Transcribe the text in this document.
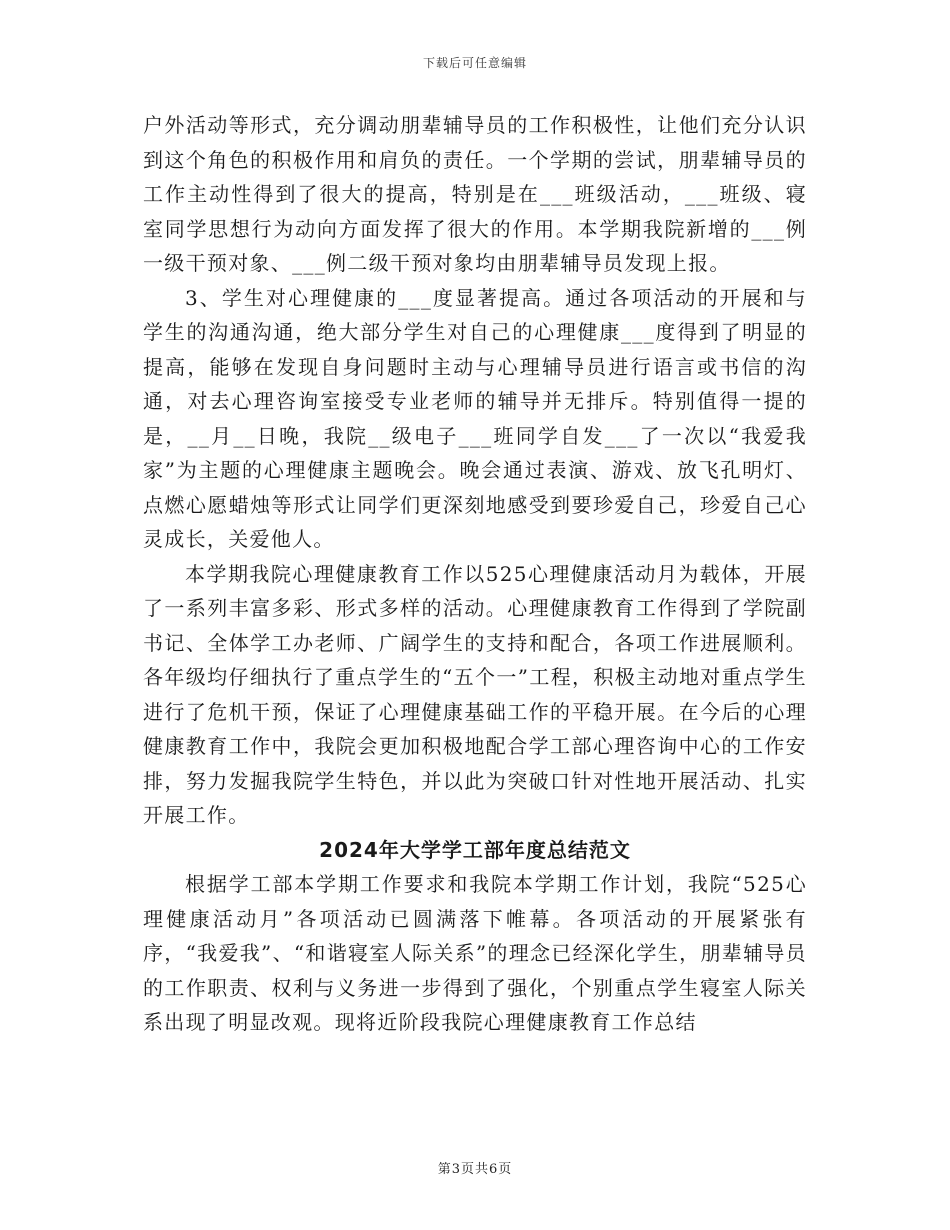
下载后可任意编辑

户外活动等形式，充分调动朋辈辅导员的工作积极性，让他们充分认识到这个角色的积极作用和肩负的责任。一个学期的尝试，朋辈辅导员的工作主动性得到了很大的提高，特别是在___班级活动，___班级、寝室同学思想行为动向方面发挥了很大的作用。本学期我院新增的___例一级干预对象、___例二级干预对象均由朋辈辅导员发现上报。

3、学生对心理健康的___度显著提高。通过各项活动的开展和与学生的沟通沟通，绝大部分学生对自己的心理健康___度得到了明显的提高，能够在发现自身问题时主动与心理辅导员进行语言或书信的沟通，对去心理咨询室接受专业老师的辅导并无排斥。特别值得一提的是，__月__日晚，我院__级电子___班同学自发___了一次以“我爱我家”为主题的心理健康主题晚会。晚会通过表演、游戏、放飞孔明灯、点燃心愿蜡烛等形式让同学们更深刻地感受到要珍爱自己，珍爱自己心灵成长，关爱他人。

本学期我院心理健康教育工作以525心理健康活动月为载体，开展了一系列丰富多彩、形式多样的活动。心理健康教育工作得到了学院副书记、全体学工办老师、广阔学生的支持和配合，各项工作进展顺利。各年级均仔细执行了重点学生的“五个一”工程，积极主动地对重点学生进行了危机干预，保证了心理健康基础工作的平稳开展。在今后的心理健康教育工作中，我院会更加积极地配合学工部心理咨询中心的工作安排，努力发掘我院学生特色，并以此为突破口针对性地开展活动、扎实开展工作。

2024年大学学工部年度总结范文

根据学工部本学期工作要求和我院本学期工作计划，我院“525心理健康活动月”各项活动已圆满落下帷幕。各项活动的开展紧张有序，“我爱我”、“和谐寝室人际关系”的理念已经深化学生，朋辈辅导员的工作职责、权利与义务进一步得到了强化，个别重点学生寝室人际关系出现了明显改观。现将近阶段我院心理健康教育工作总结

第3页共6页
